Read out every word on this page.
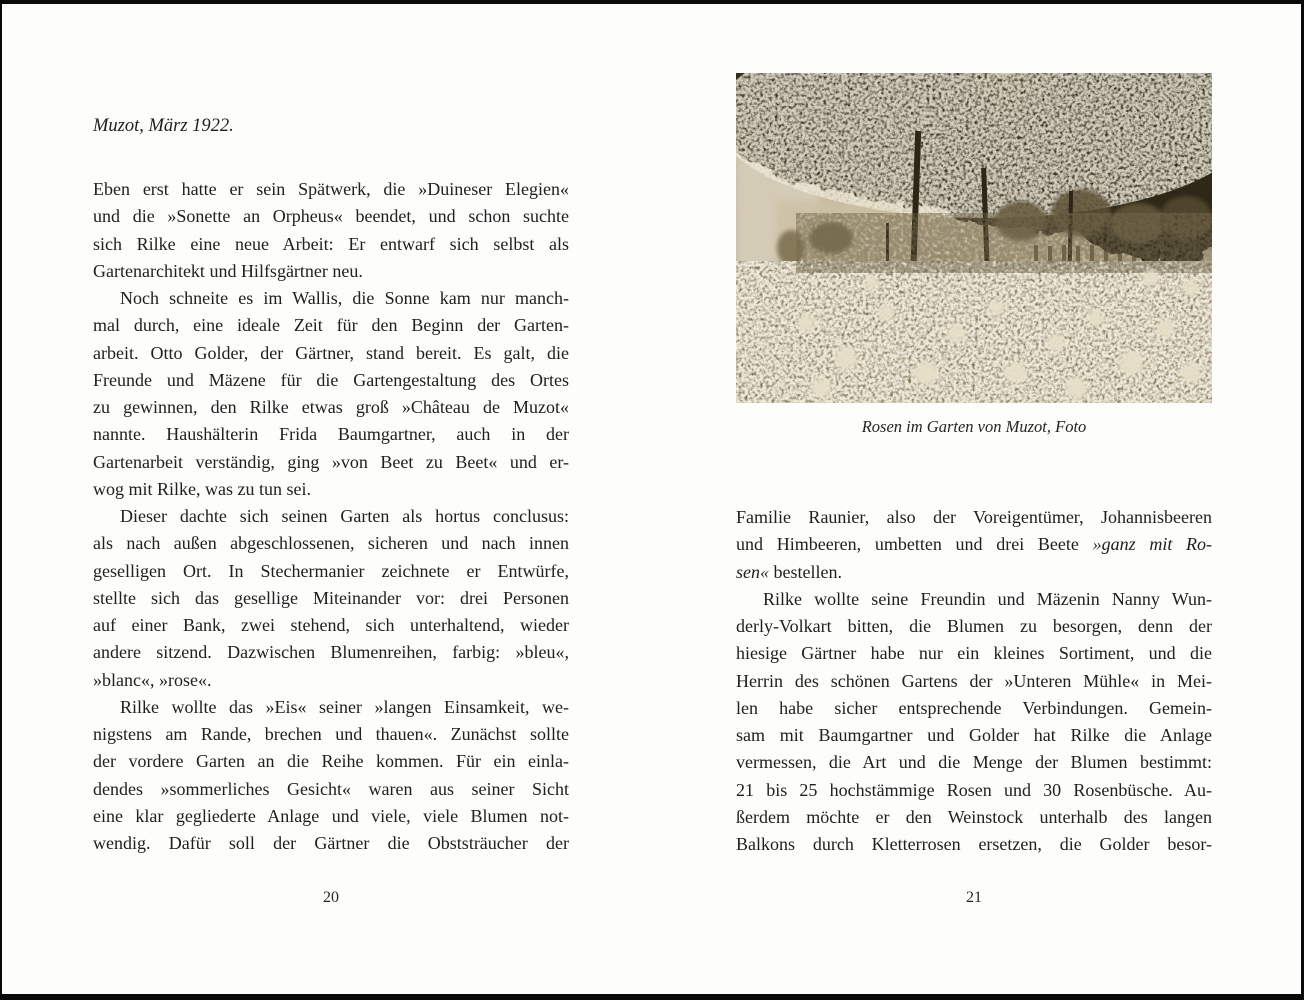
Muzot, März 1922.
Eben erst hatte er sein Spätwerk, die »Duineser Elegien«
und die »Sonette an Orpheus« beendet, und schon suchte
sich Rilke eine neue Arbeit: Er entwarf sich selbst als
Gartenarchitekt und Hilfsgärtner neu.
Noch schneite es im Wallis, die Sonne kam nur manch-
mal durch, eine ideale Zeit für den Beginn der Garten-
arbeit. Otto Golder, der Gärtner, stand bereit. Es galt, die
Freunde und Mäzene für die Gartengestaltung des Ortes
zu gewinnen, den Rilke etwas groß »Château de Muzot«
nannte. Haushälterin Frida Baumgartner, auch in der
Gartenarbeit verständig, ging »von Beet zu Beet« und er-
wog mit Rilke, was zu tun sei.
Dieser dachte sich seinen Garten als hortus conclusus:
als nach außen abgeschlossenen, sicheren und nach innen
geselligen Ort. In Stechermanier zeichnete er Entwürfe,
stellte sich das gesellige Miteinander vor: drei Personen
auf einer Bank, zwei stehend, sich unterhaltend, wieder
andere sitzend. Dazwischen Blumenreihen, farbig: »bleu«,
»blanc«, »rose«.
Rilke wollte das »Eis« seiner »langen Einsamkeit, we-
nigstens am Rande, brechen und thauen«. Zunächst sollte
der vordere Garten an die Reihe kommen. Für ein einla-
dendes »sommerliches Gesicht« waren aus seiner Sicht
eine klar gegliederte Anlage und viele, viele Blumen not-
wendig. Dafür soll der Gärtner die Obststräucher der
20
Rosen im Garten von Muzot, Foto
Familie Raunier, also der Voreigentümer, Johannisbeeren
und Himbeeren, umbetten und drei Beete »ganz mit Ro-
sen« bestellen.
Rilke wollte seine Freundin und Mäzenin Nanny Wun-
derly-Volkart bitten, die Blumen zu besorgen, denn der
hiesige Gärtner habe nur ein kleines Sortiment, und die
Herrin des schönen Gartens der »Unteren Mühle« in Mei-
len habe sicher entsprechende Verbindungen. Gemein-
sam mit Baumgartner und Golder hat Rilke die Anlage
vermessen, die Art und die Menge der Blumen bestimmt:
21 bis 25 hochstämmige Rosen und 30 Rosenbüsche. Au-
ßerdem möchte er den Weinstock unterhalb des langen
Balkons durch Kletterrosen ersetzen, die Golder besor-
21
